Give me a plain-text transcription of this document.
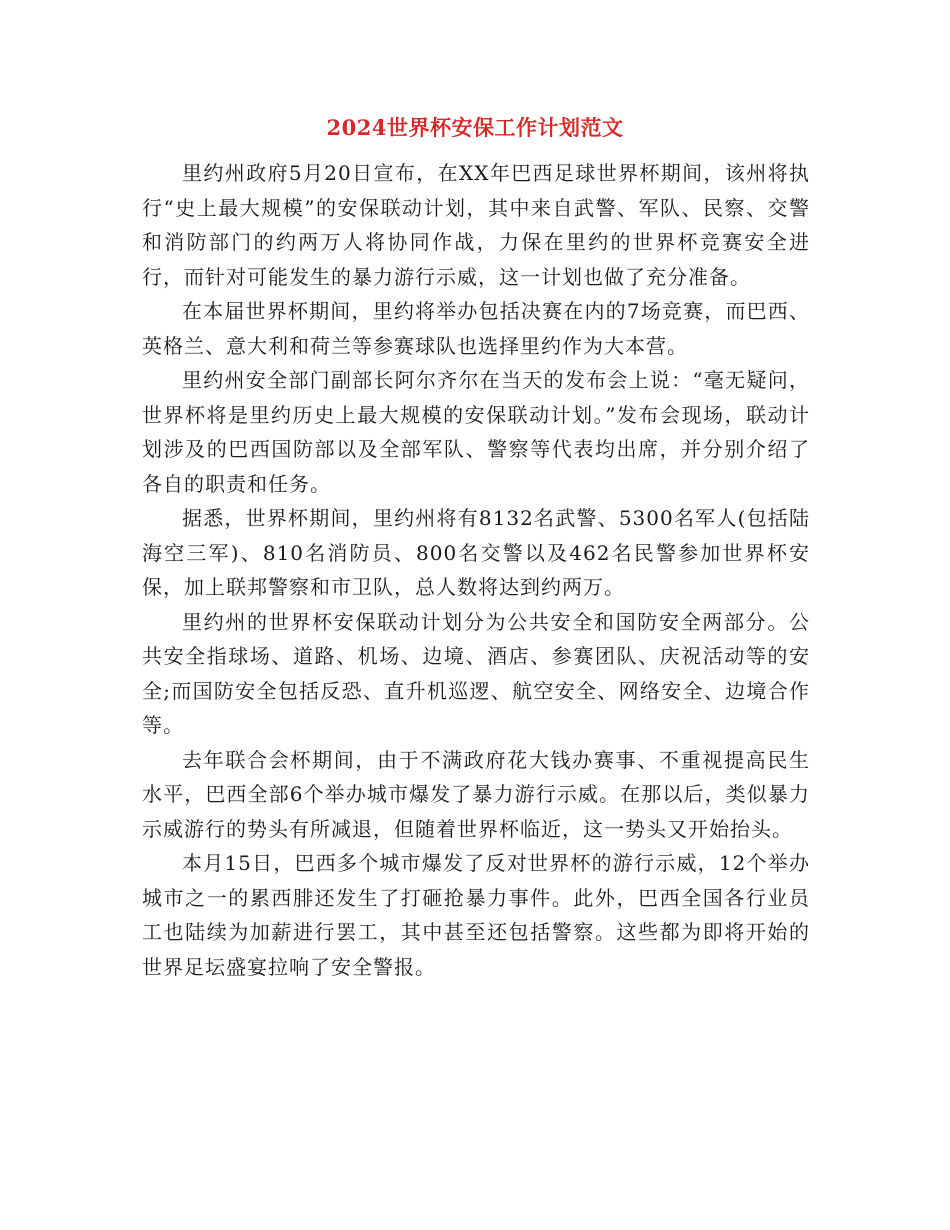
2024世界杯安保工作计划范文

里约州政府5月20日宣布，在XX年巴西足球世界杯期间，该州将执行“史上最大规模”的安保联动计划，其中来自武警、军队、民察、交警和消防部门的约两万人将协同作战，力保在里约的世界杯竞赛安全进行，而针对可能发生的暴力游行示威，这一计划也做了充分准备。

在本届世界杯期间，里约将举办包括决赛在内的7场竞赛，而巴西、英格兰、意大利和荷兰等参赛球队也选择里约作为大本营。

里约州安全部门副部长阿尔齐尔在当天的发布会上说：“毫无疑问，世界杯将是里约历史上最大规模的安保联动计划。”发布会现场，联动计划涉及的巴西国防部以及全部军队、警察等代表均出席，并分别介绍了各自的职责和任务。

据悉，世界杯期间，里约州将有8132名武警、5300名军人(包括陆海空三军)、810名消防员、800名交警以及462名民警参加世界杯安保，加上联邦警察和市卫队，总人数将达到约两万。

里约州的世界杯安保联动计划分为公共安全和国防安全两部分。公共安全指球场、道路、机场、边境、酒店、参赛团队、庆祝活动等的安全;而国防安全包括反恐、直升机巡逻、航空安全、网络安全、边境合作等。

去年联合会杯期间，由于不满政府花大钱办赛事、不重视提高民生水平，巴西全部6个举办城市爆发了暴力游行示威。在那以后，类似暴力示威游行的势头有所减退，但随着世界杯临近，这一势头又开始抬头。

本月15日，巴西多个城市爆发了反对世界杯的游行示威，12个举办城市之一的累西腓还发生了打砸抢暴力事件。此外，巴西全国各行业员工也陆续为加薪进行罢工，其中甚至还包括警察。这些都为即将开始的世界足坛盛宴拉响了安全警报。
